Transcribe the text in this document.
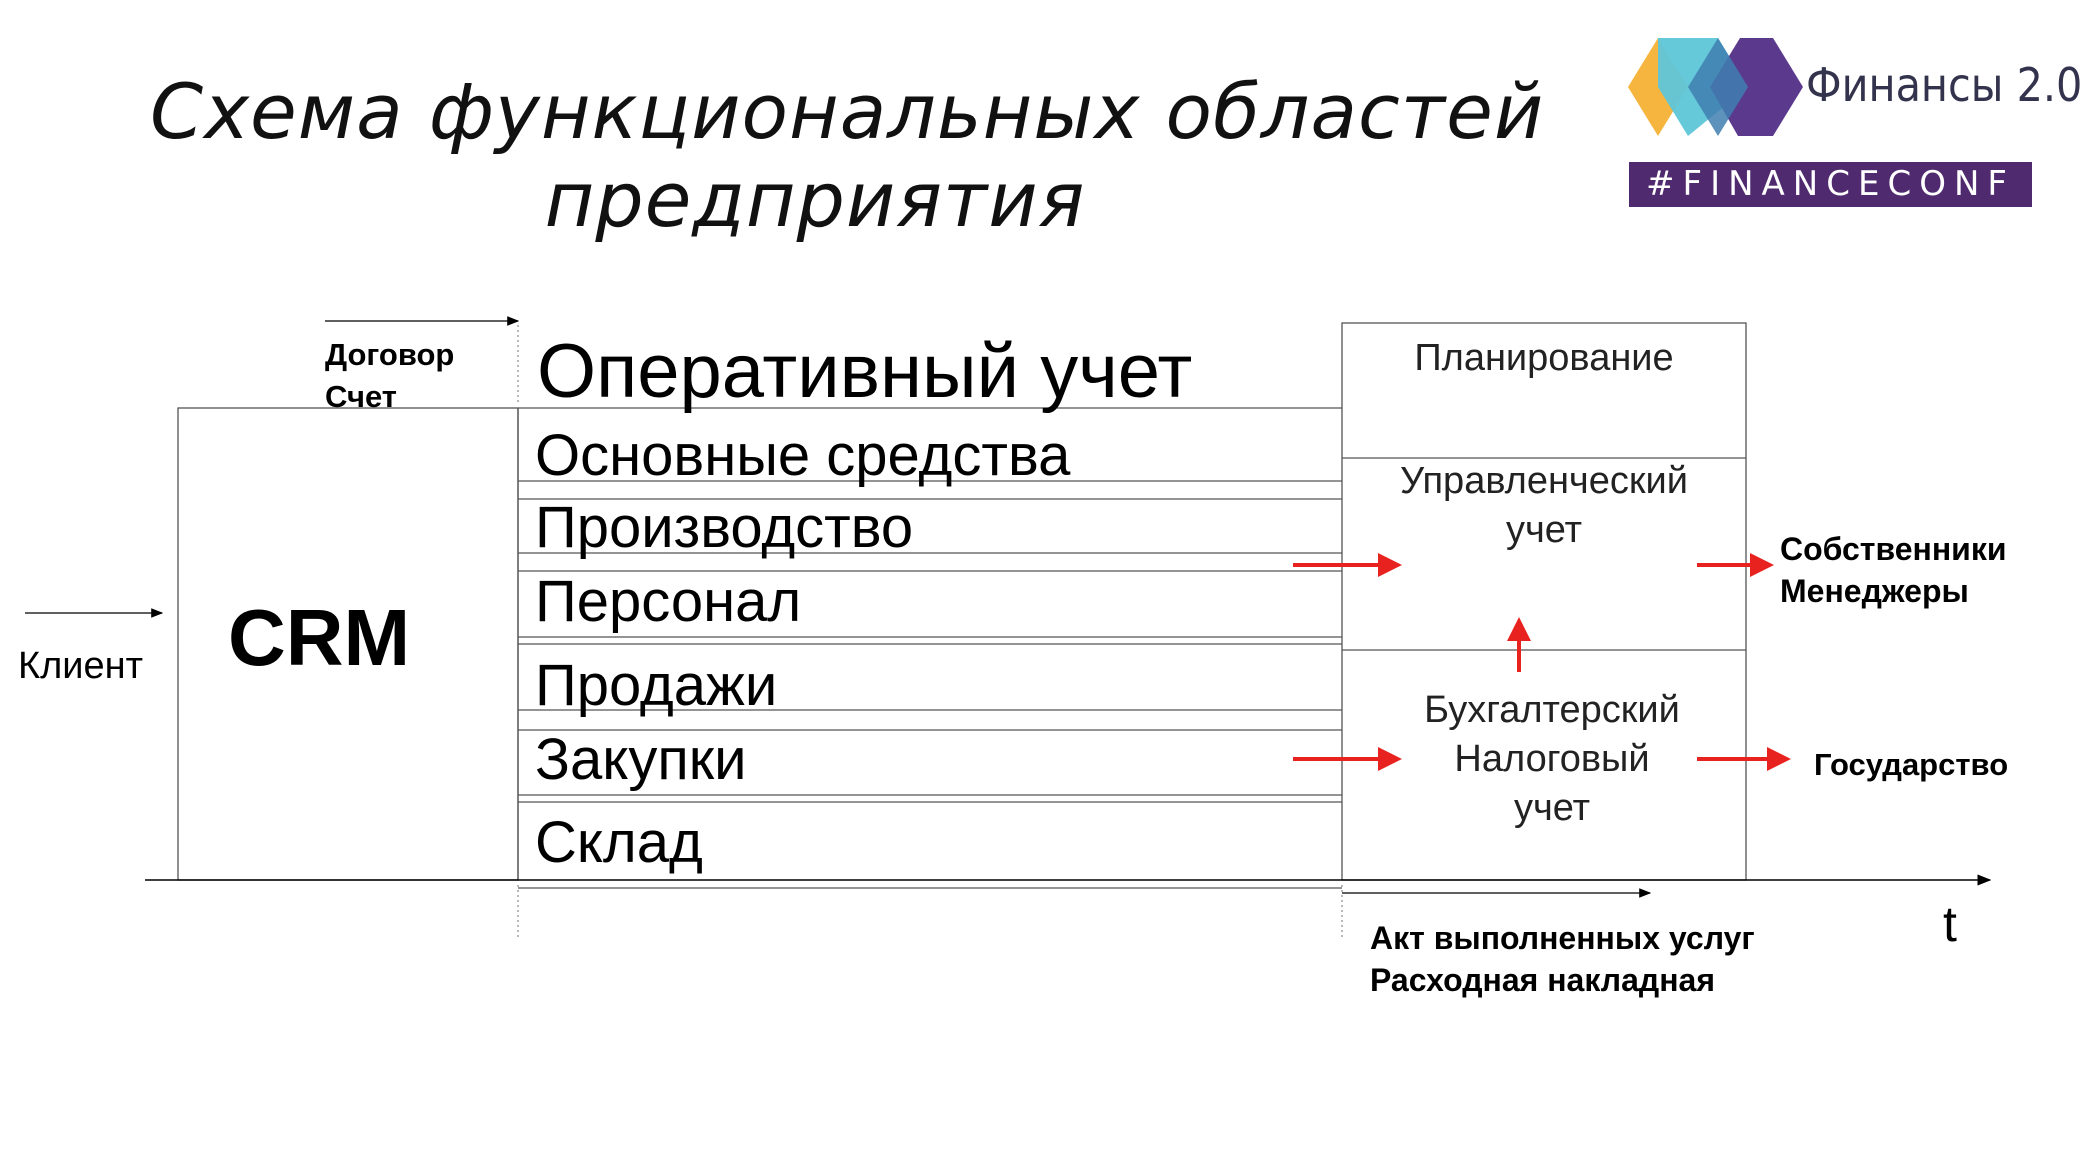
Схема функциональных областей
предприятия
Финансы 2.0
#FINANCECONF
Клиент CRM
Договор
Счет Оперативный учет
Основные средства
Производство
Персонал
Продажи
Закупки
Склад
Планирование
Управленческий
учет
Бухгалтерский
Налоговый
учет
Собственники
Менеджеры
Государство
Акт выполненных услуг
Расходная накладная
t
